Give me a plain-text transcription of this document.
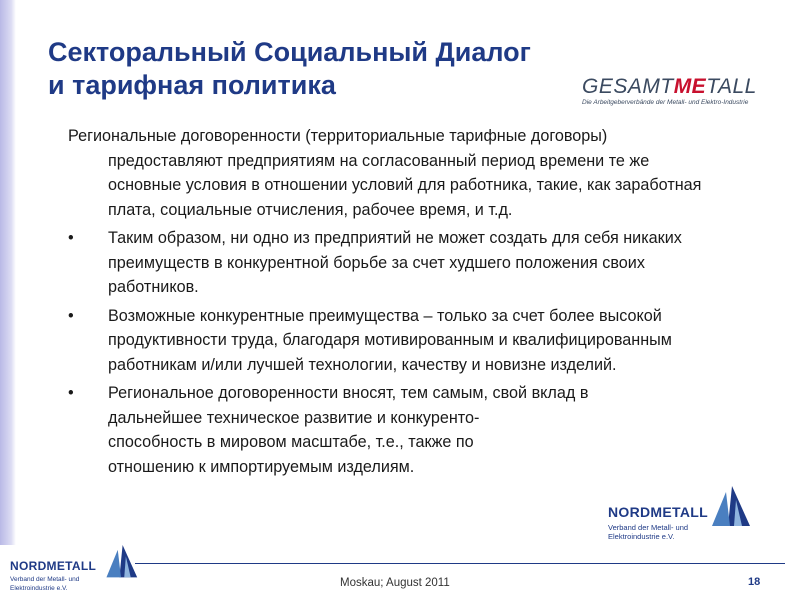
Секторальный Социальный Диалог
и тарифная политика	GESAMTMETALL
Die Arbeitgeberverbände der Metall- und Elektro-Industrie

Региональные договоренности (территориальные тарифные договоры) предоставляют предприятиям на согласованный период времени те же основные условия в отношении условий для работника, такие, как заработная плата, социальные отчисления, рабочее время, и т.д.

• Таким образом, ни одно из предприятий не может создать для себя никаких преимуществ в конкурентной борьбе за счет худшего положения своих работников.
• Возможные конкурентные преимущества – только за счет более высокой продуктивности труда, благодаря мотивированным и квалифицированным работникам и/или лучшей технологии, качеству и новизне изделий.
• Региональное договоренности вносят, тем самым, свой вклад в
дальнейшее техническое развитие и конкуренто-
способность в мировом масштабе, т.е., также по
отношению к импортируемым изделиям.
NORDMETALL
Verband der Metall- und
Elektroindustrie e.V.
NORDMETALL
Verband der Metall- und
Elektroindustrie e.V.	Moskau; August 2011	18
